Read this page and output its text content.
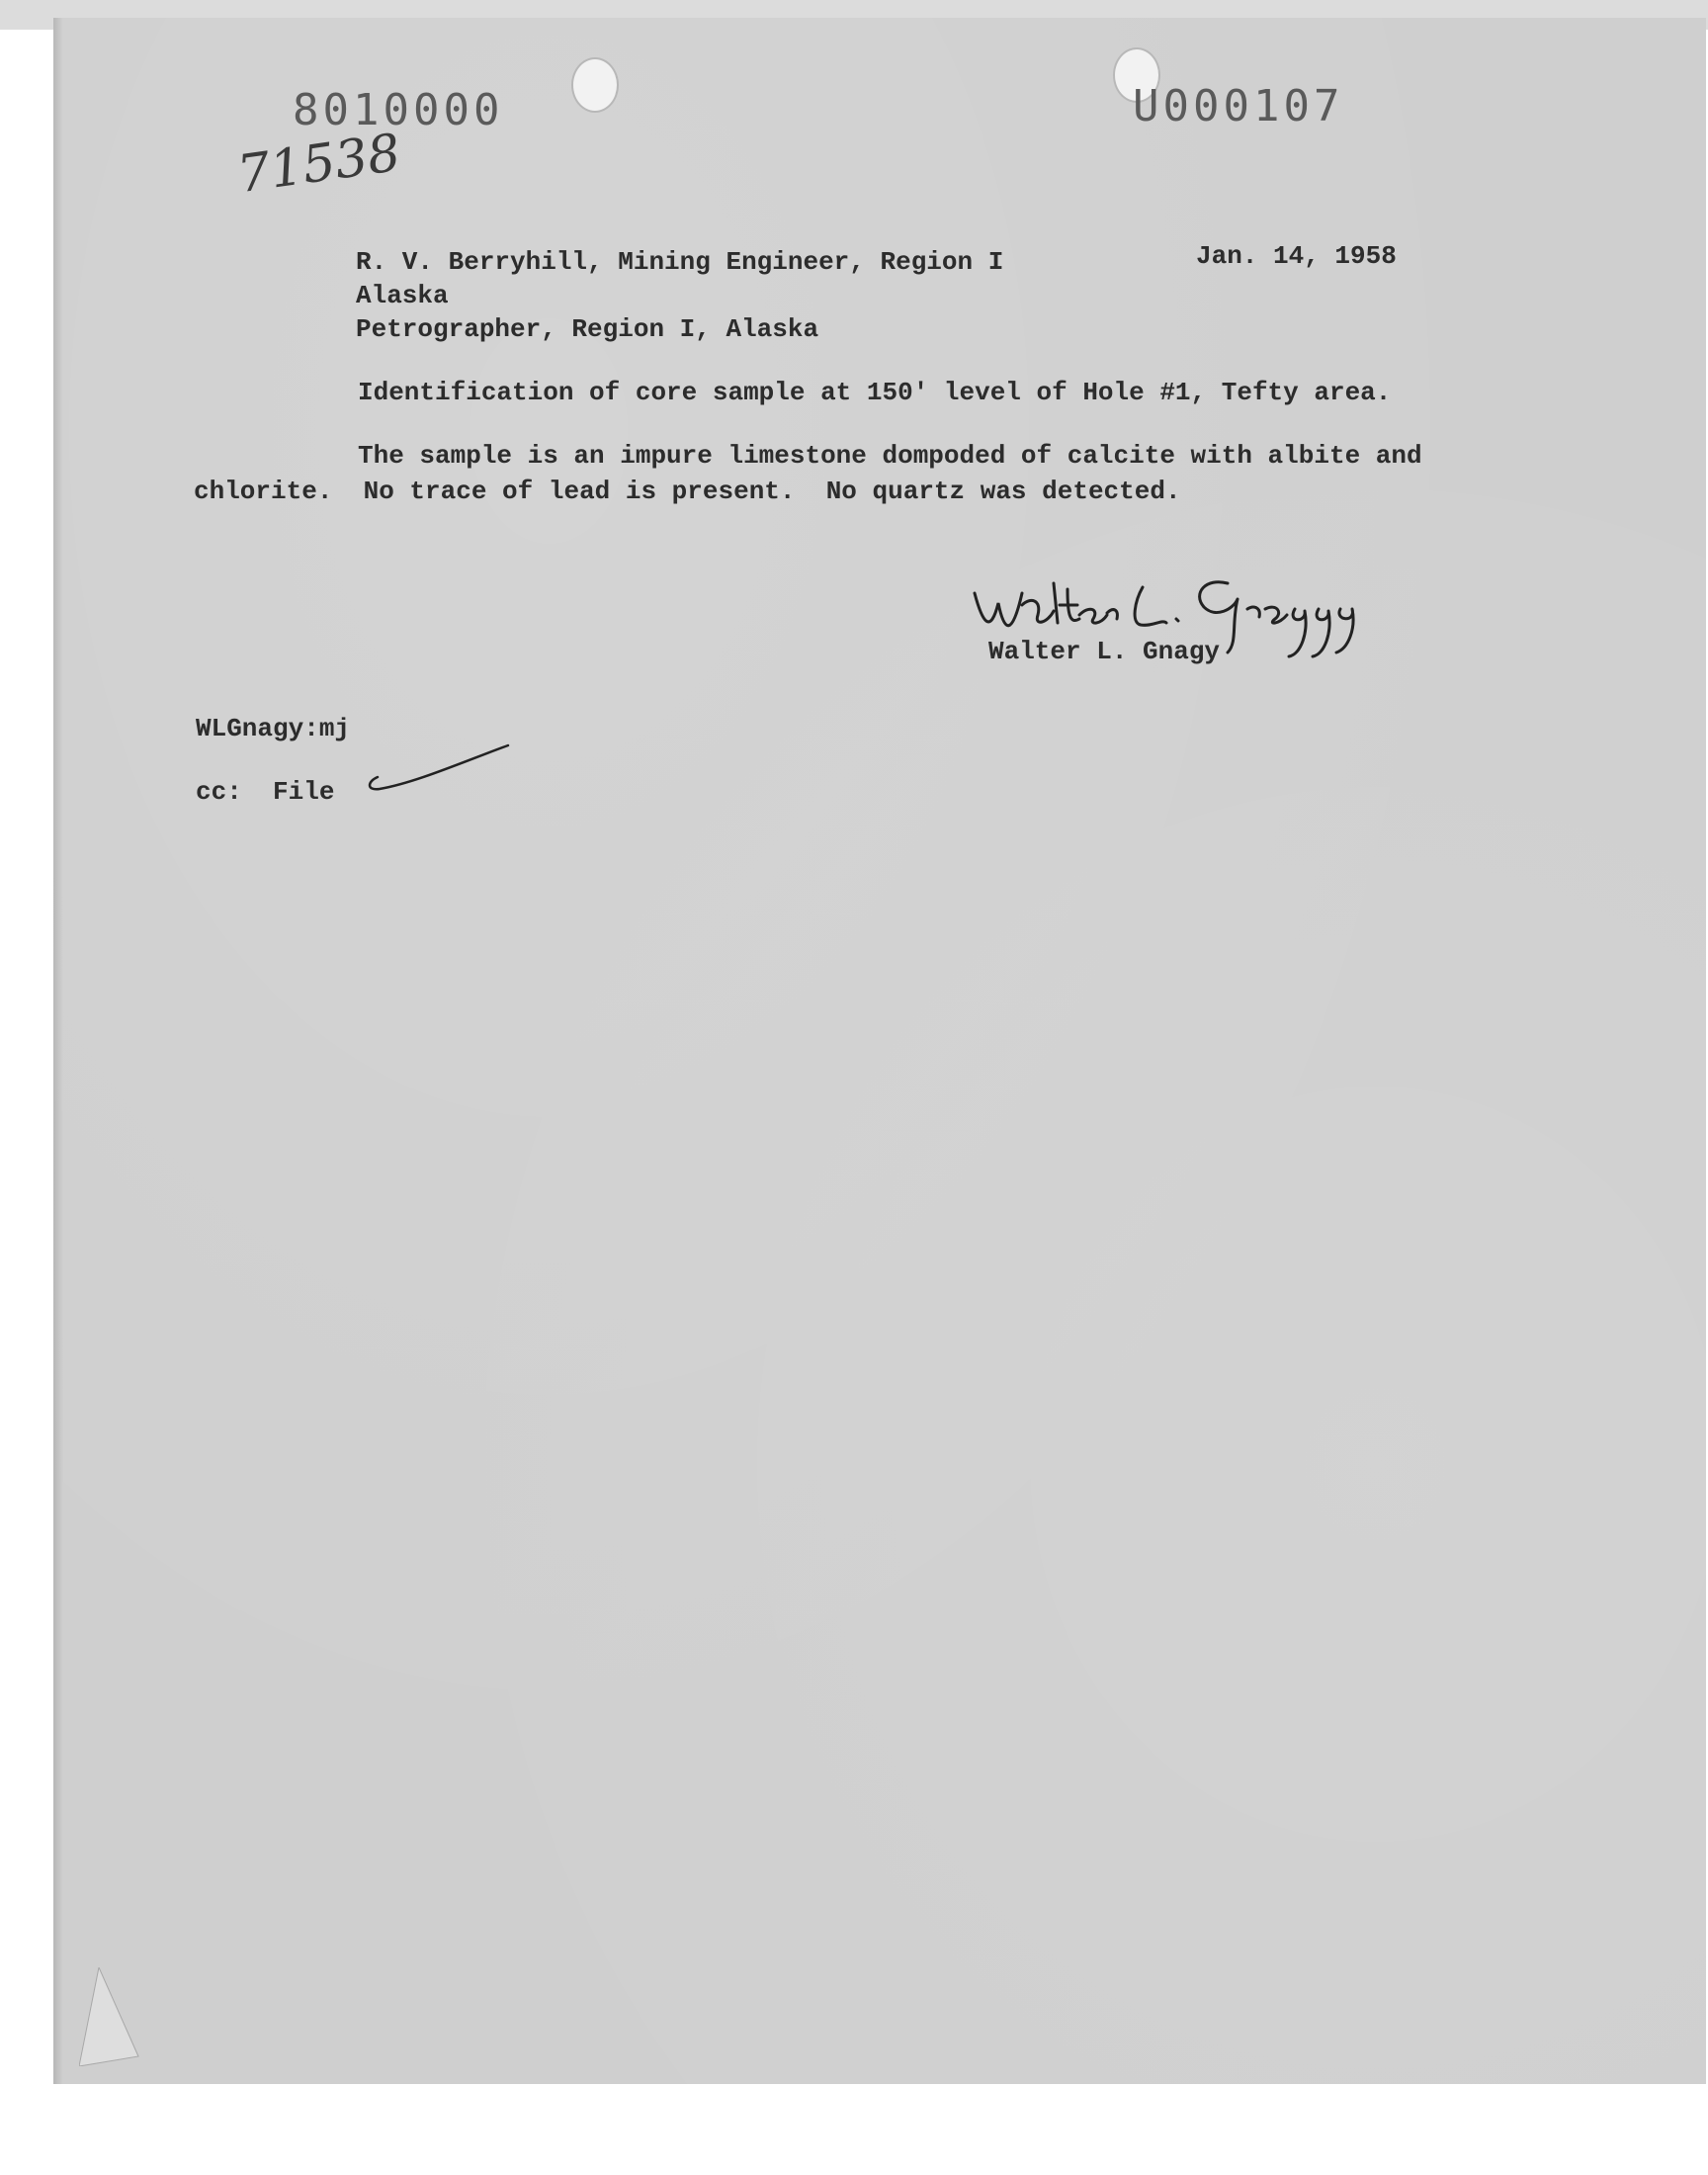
8010000	U000107
71538
R. V. Berryhill, Mining Engineer, Region I	Jan. 14, 1958
Alaska
Petrographer, Region I, Alaska
Identification of core sample at 150' level of Hole #1, Tefty area.
The sample is an impure limestone dompoded of calcite with albite and
chlorite.  No trace of lead is present.  No quartz was detected.
Walter L. Gnagy
WLGnagy:mj
cc:  File
